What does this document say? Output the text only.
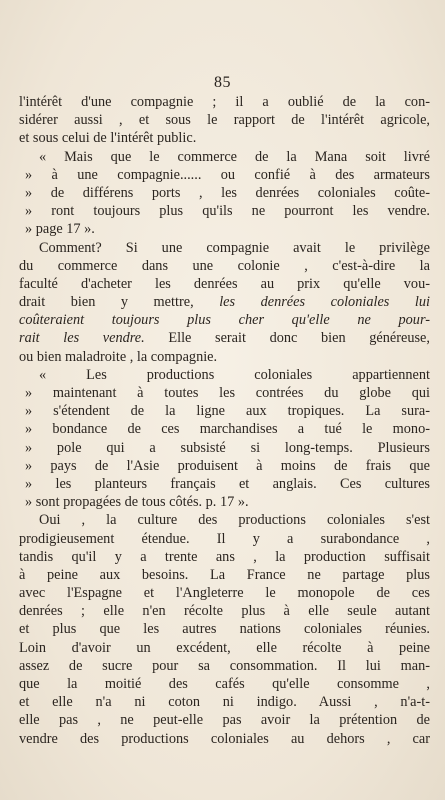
85
l'intérêt d'une compagnie ; il a oublié de la con-
sidérer aussi , et sous le rapport de l'intérêt agricole,
et sous celui de l'intérêt public.
« Mais que le commerce de la Mana soit livré
» à une compagnie...... ou confié à des armateurs
» de différens ports , les denrées coloniales coûte-
» ront toujours plus qu'ils ne pourront les vendre.
» page 17 ».
Comment? Si une compagnie avait le privilège
du commerce dans une colonie , c'est-à-dire la
faculté d'acheter les denrées au prix qu'elle vou-
drait bien y mettre, les denrées coloniales lui
coûteraient toujours plus cher qu'elle ne pour-
rait les vendre. Elle serait donc bien généreuse,
ou bien maladroite , la compagnie.
« Les productions coloniales appartiennent
» maintenant à toutes les contrées du globe qui
» s'étendent de la ligne aux tropiques. La sura-
» bondance de ces marchandises a tué le mono-
» pole qui a subsisté si long-temps. Plusieurs
» pays de l'Asie produisent à moins de frais que
» les planteurs français et anglais. Ces cultures
» sont propagées de tous côtés. p. 17 ».
Oui , la culture des productions coloniales s'est
prodigieusement étendue. Il y a surabondance ,
tandis qu'il y a trente ans , la production suffisait
à peine aux besoins. La France ne partage plus
avec l'Espagne et l'Angleterre le monopole de ces
denrées ; elle n'en récolte plus à elle seule autant
et plus que les autres nations coloniales réunies.
Loin d'avoir un excédent, elle récolte à peine
assez de sucre pour sa consommation. Il lui man-
que la moitié des cafés qu'elle consomme ,
et elle n'a ni coton ni indigo. Aussi , n'a-t-
elle pas , ne peut-elle pas avoir la prétention de
vendre des productions coloniales au dehors , car
